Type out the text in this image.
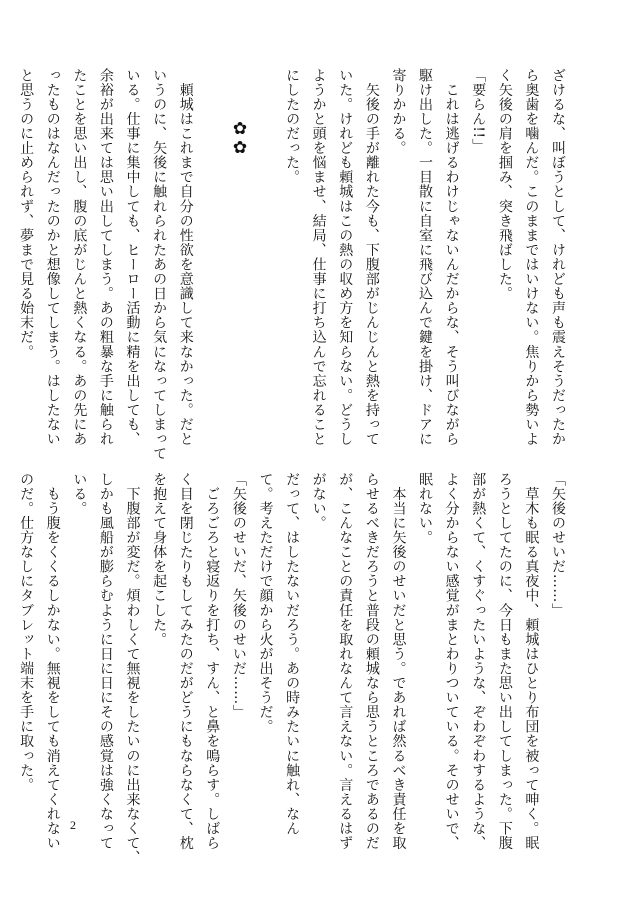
ざけるな、叫ぼうとして、けれども声も震えそうだったか
ら奥歯を噛んだ。このままではいけない。焦りから勢いよ
く矢後の肩を掴み、突き飛ばした。
「要らん!!」
　これは逃げるわけじゃないんだからな、そう叫びながら
駆け出した。一目散に自室に飛び込んで鍵を掛け、ドアに
寄りかかる。
　矢後の手が離れた今も、下腹部がじんじんと熱を持って
いた。けれども頼城はこの熱の収め方を知らない。どうし
ようかと頭を悩ませ、結局、仕事に打ち込んで忘れること
にしたのだった。

　頼城はこれまで自分の性欲を意識して来なかった。だと
いうのに、矢後に触れられたあの日から気になってしまって
いる。仕事に集中しても、ヒーロー活動に精を出しても、
余裕が出来ては思い出してしまう。あの粗暴な手に触られ
たことを思い出し、腹の底がじんと熱くなる。あの先にあ
ったものはなんだったのかと想像してしまう。はしたない
と思うのに止められず、夢まで見る始末だ。	✿
✿
「矢後のせいだ……」
　草木も眠る真夜中、頼城はひとり布団を被って呻く。眠
ろうとしてたのに、今日もまた思い出してしまった。下腹
部が熱くて、くすぐったいような、ぞわぞわするような、
よく分からない感覚がまとわりついている。そのせいで、
眠れない。
　本当に矢後のせいだと思う。であれば然るべき責任を取
らせるべきだろうと普段の頼城なら思うところであるのだ
が、こんなことの責任を取れなんて言えない。言えるはず
がない。
だって、はしたないだろう。あの時みたいに触れ、なん
て。考えただけで顔から火が出そうだ。
「矢後のせいだ、矢後のせいだ……」
　ごろごろと寝返りを打ち、すん、と鼻を鳴らす。しばら
く目を閉じたりもしてみたのだがどうにもならなくて、枕
を抱えて身体を起こした。
　下腹部が変だ。煩わしくて無視をしたいのに出来なくて、
しかも風船が膨らむように日に日にその感覚は強くなって
いる。
　もう腹をくくるしかない。無視をしても消えてくれない
のだ。仕方なしにタブレット端末を手に取った。
2
